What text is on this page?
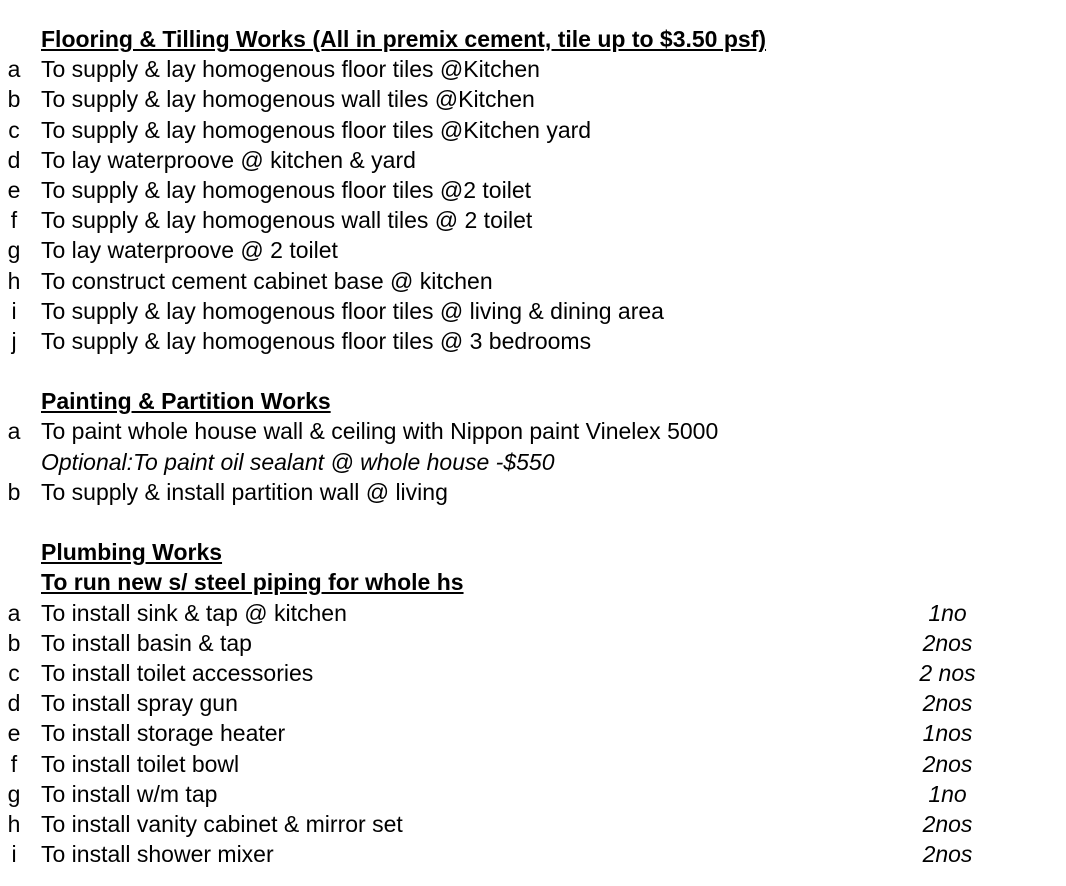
Flooring & Tilling Works (All in premix cement, tile up to $3.50 psf)
a To supply & lay homogenous floor tiles @Kitchen
b To supply & lay homogenous wall tiles @Kitchen
c To supply & lay homogenous floor tiles @Kitchen yard
d To lay waterproove @ kitchen & yard
e To supply & lay homogenous floor tiles @2 toilet
f	To supply & lay homogenous wall tiles @ 2 toilet
g To lay waterproove @ 2 toilet
h To construct cement cabinet base @ kitchen
i	To supply & lay homogenous floor tiles @ living & dining area
j	To supply & lay homogenous floor tiles @ 3 bedrooms
Painting & Partition Works
a To paint whole house wall & ceiling with Nippon paint Vinelex 5000
Optional:To paint oil sealant @ whole house -$550
b To supply & install partition wall @ living
Plumbing Works
To run new s/ steel piping for whole hs
a To install sink & tap @ kitchen	1no
b To install basin & tap	2nos
c To install toilet accessories	2 nos
d To install spray gun	2nos
e To install storage heater	1nos
f	To install toilet bowl	2nos
g To install w/m tap	1no
h To install vanity cabinet & mirror set	2nos
i	To install shower mixer	2nos
